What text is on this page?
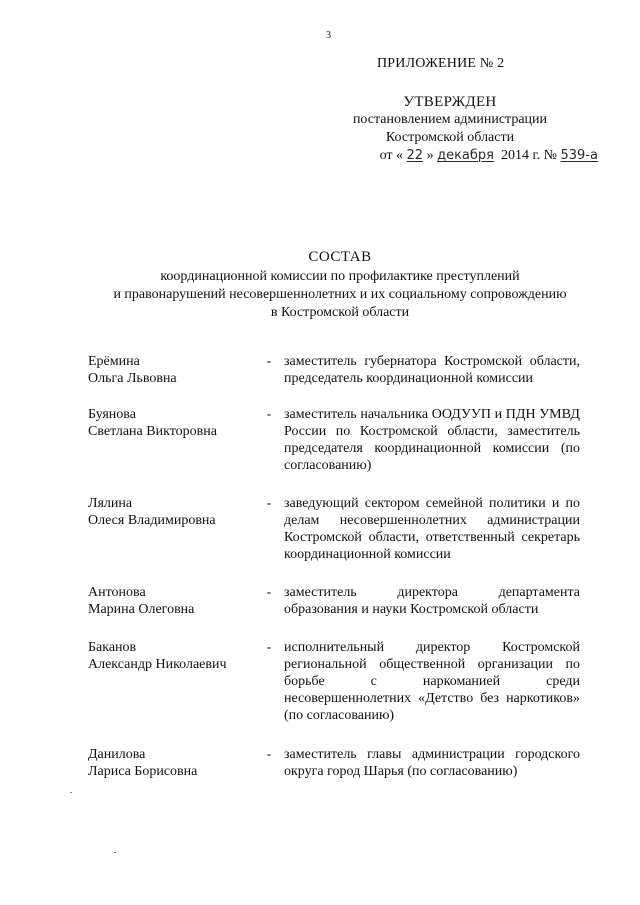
3
ПРИЛОЖЕНИЕ № 2
УТВЕРЖДЕН
постановлением администрации
Костромской области
от « 22 » декабря 2014 г. № 539-а
СОСТАВ
координационной комиссии по профилактике преступлений
и правонарушений несовершеннолетних и их социальному сопровождению
в Костромской области
Ерёмина
Ольга Львовна
- заместитель губернатора Костромской области, председатель координационной комиссии
Буянова
Светлана Викторовна
- заместитель начальника ООДУУП и ПДН УМВД России по Костромской области, заместитель председателя координационной комиссии (по согласованию)
Лялина
Олеся Владимировна
- заведующий сектором семейной политики и по делам несовершеннолетних администрации Костромской области, ответственный секретарь координационной комиссии
Антонова
Марина Олеговна
- заместитель директора департамента образования и науки Костромской области
Баканов
Александр Николаевич
- исполнительный директор Костромской региональной общественной организации по борьбе с наркоманией среди несовершеннолетних «Детство без наркотиков» (по согласованию)
Данилова
Лариса Борисовна
- заместитель главы администрации городского округа город Шарья (по согласованию)
